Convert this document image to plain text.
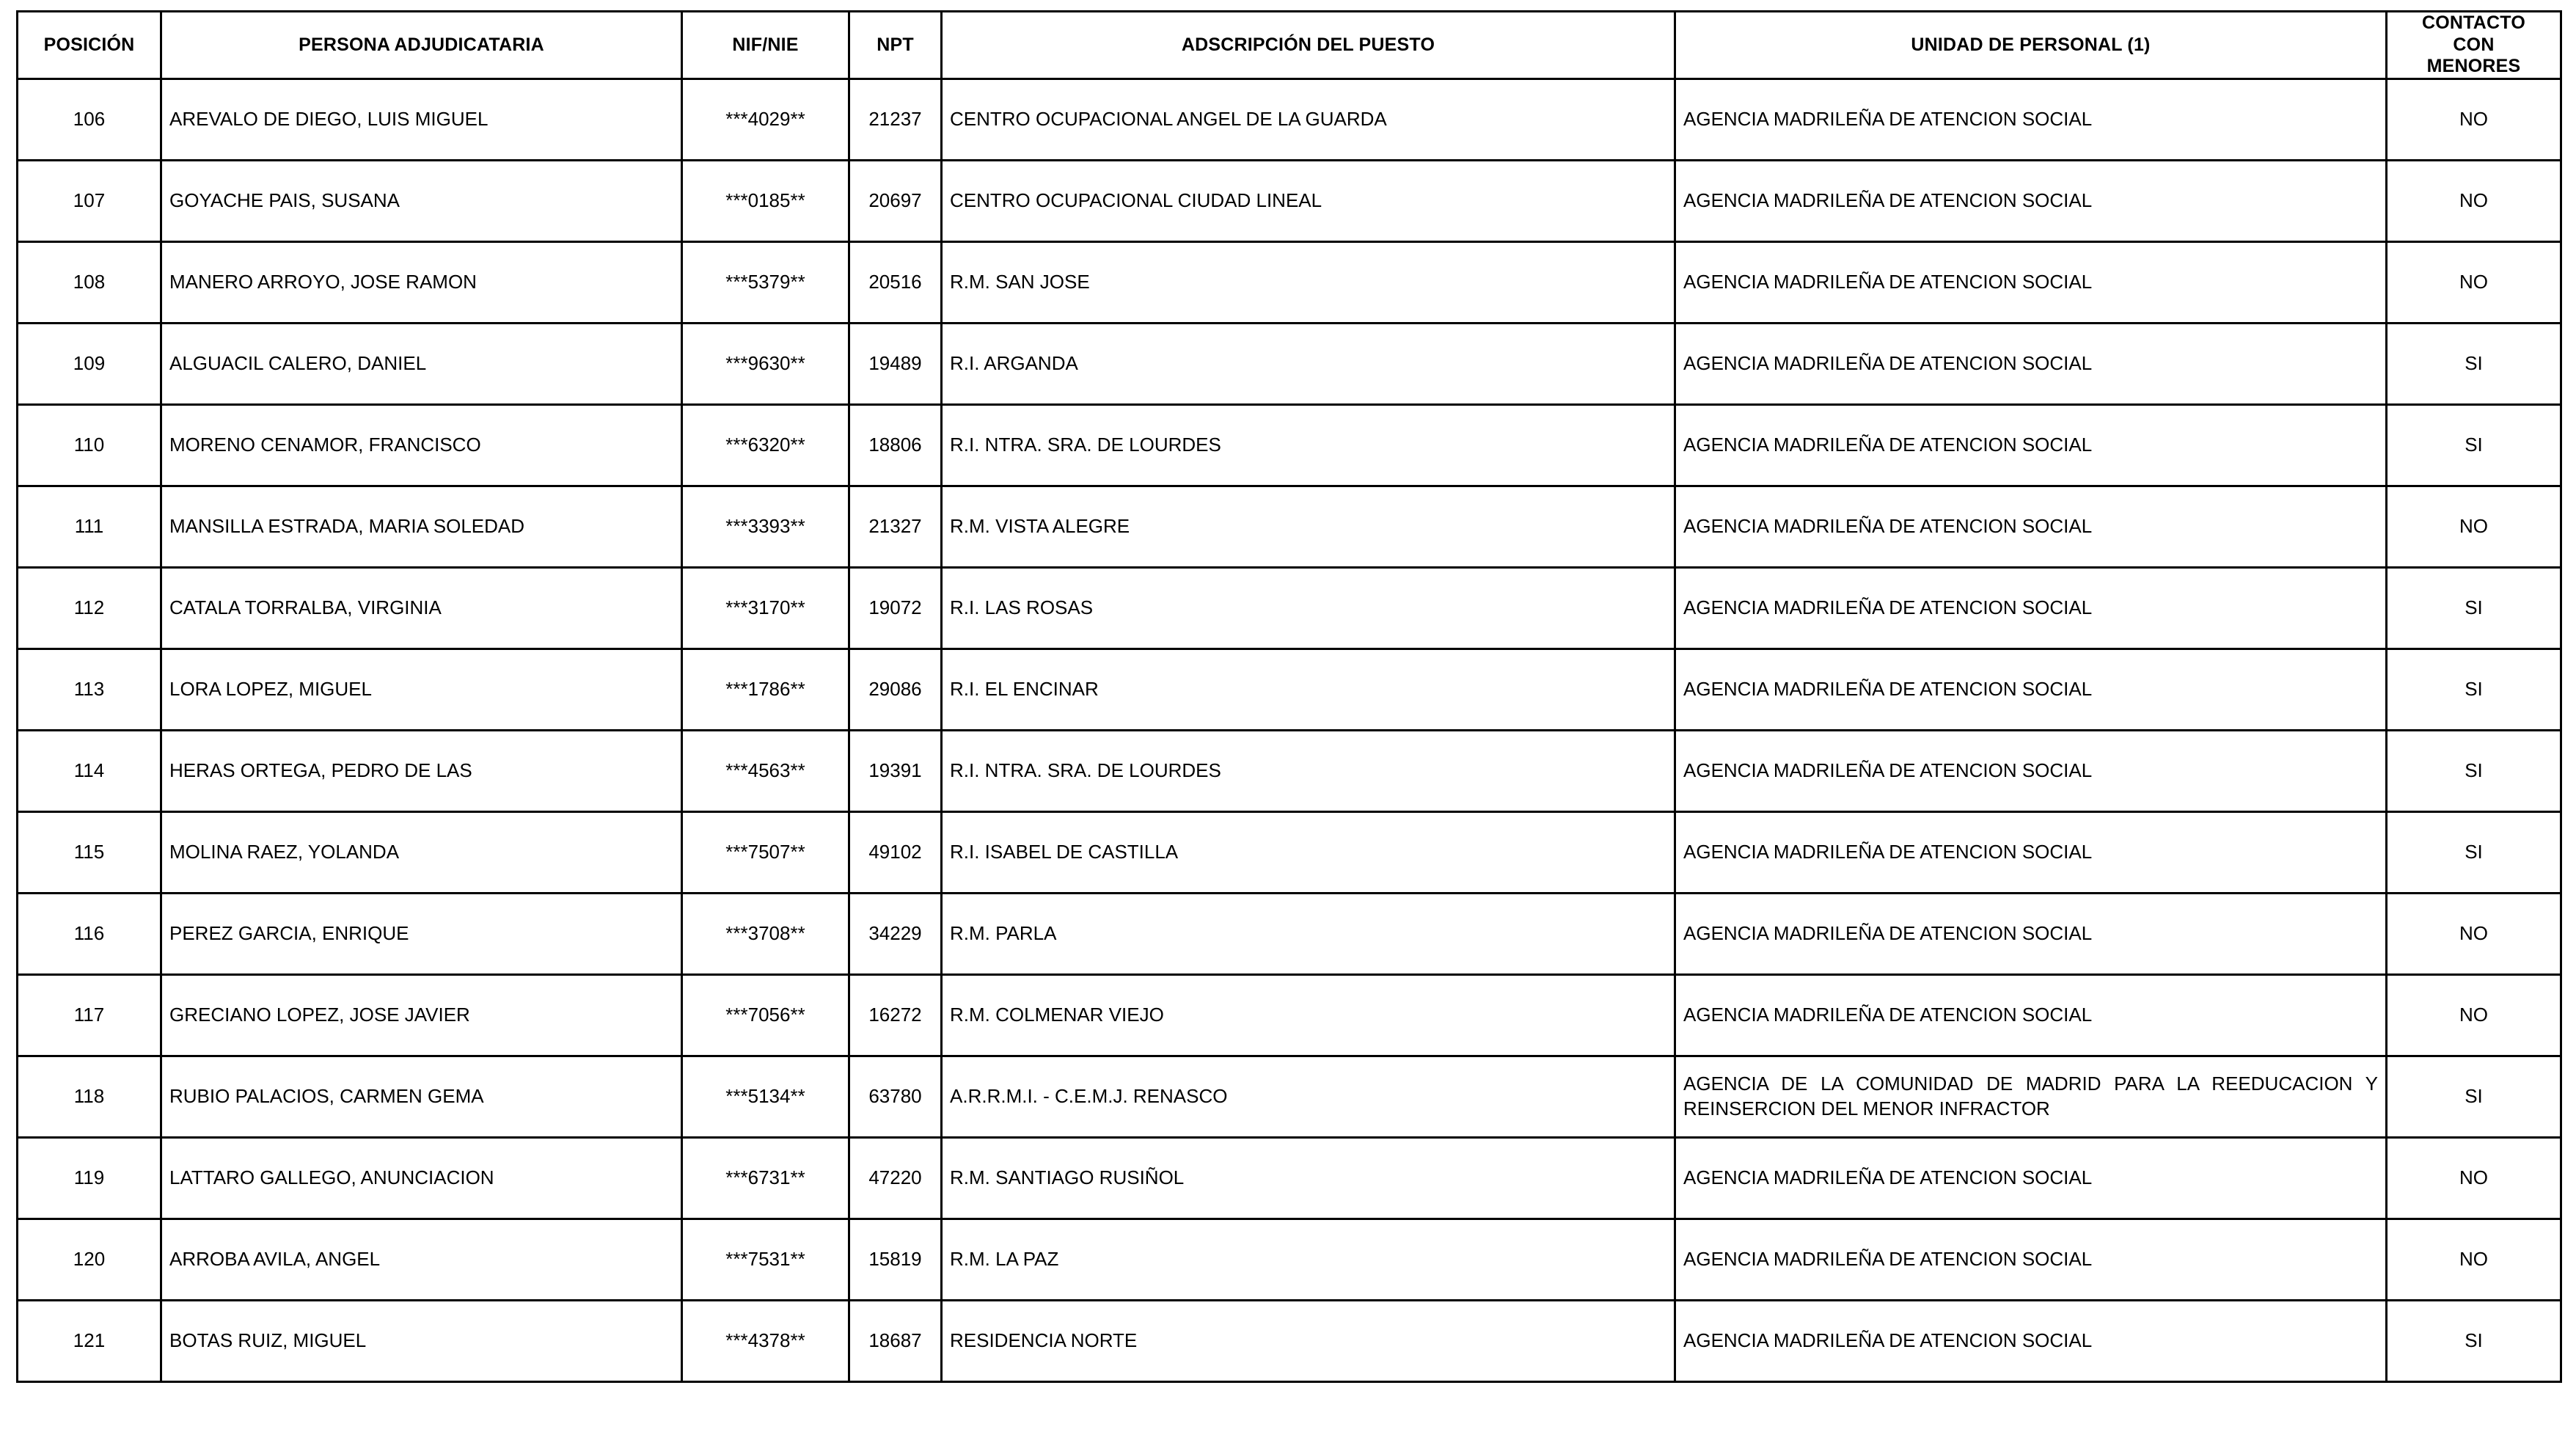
POSICIÓN	PERSONA ADJUDICATARIA	NIF/NIE	NPT	ADSCRIPCIÓN DEL PUESTO	UNIDAD DE PERSONAL (1)	CONTACTO
CON
MENORES

106	AREVALO DE DIEGO, LUIS MIGUEL	***4029**	21237	CENTRO OCUPACIONAL ANGEL DE LA GUARDA	AGENCIA MADRILEÑA DE ATENCION SOCIAL	NO
107	GOYACHE PAIS, SUSANA	***0185**	20697	CENTRO OCUPACIONAL CIUDAD LINEAL	AGENCIA MADRILEÑA DE ATENCION SOCIAL	NO
108	MANERO ARROYO, JOSE RAMON	***5379**	20516	R.M. SAN JOSE	AGENCIA MADRILEÑA DE ATENCION SOCIAL	NO
109	ALGUACIL CALERO, DANIEL	***9630**	19489	R.I. ARGANDA	AGENCIA MADRILEÑA DE ATENCION SOCIAL	SI
110	MORENO CENAMOR, FRANCISCO	***6320**	18806	R.I. NTRA. SRA. DE LOURDES	AGENCIA MADRILEÑA DE ATENCION SOCIAL	SI
111	MANSILLA ESTRADA, MARIA SOLEDAD	***3393**	21327	R.M. VISTA ALEGRE	AGENCIA MADRILEÑA DE ATENCION SOCIAL	NO
112	CATALA TORRALBA, VIRGINIA	***3170**	19072	R.I. LAS ROSAS	AGENCIA MADRILEÑA DE ATENCION SOCIAL	SI
113	LORA LOPEZ, MIGUEL	***1786**	29086	R.I. EL ENCINAR	AGENCIA MADRILEÑA DE ATENCION SOCIAL	SI
114	HERAS ORTEGA, PEDRO DE LAS	***4563**	19391	R.I. NTRA. SRA. DE LOURDES	AGENCIA MADRILEÑA DE ATENCION SOCIAL	SI
115	MOLINA RAEZ, YOLANDA	***7507**	49102	R.I. ISABEL DE CASTILLA	AGENCIA MADRILEÑA DE ATENCION SOCIAL	SI
116	PEREZ GARCIA, ENRIQUE	***3708**	34229	R.M. PARLA	AGENCIA MADRILEÑA DE ATENCION SOCIAL	NO
117	GRECIANO LOPEZ, JOSE JAVIER	***7056**	16272	R.M. COLMENAR VIEJO	AGENCIA MADRILEÑA DE ATENCION SOCIAL	NO
118	RUBIO PALACIOS, CARMEN GEMA	***5134**	63780	A.R.R.M.I. - C.E.M.J. RENASCO	AGENCIA DE LA COMUNIDAD DE MADRID PARA LA REEDUCACION Y REINSERCION DEL MENOR INFRACTOR	SI
119	LATTARO GALLEGO, ANUNCIACION	***6731**	47220	R.M. SANTIAGO RUSIÑOL	AGENCIA MADRILEÑA DE ATENCION SOCIAL	NO
120	ARROBA AVILA, ANGEL	***7531**	15819	R.M. LA PAZ	AGENCIA MADRILEÑA DE ATENCION SOCIAL	NO
121	BOTAS RUIZ, MIGUEL	***4378**	18687	RESIDENCIA NORTE	AGENCIA MADRILEÑA DE ATENCION SOCIAL	SI
